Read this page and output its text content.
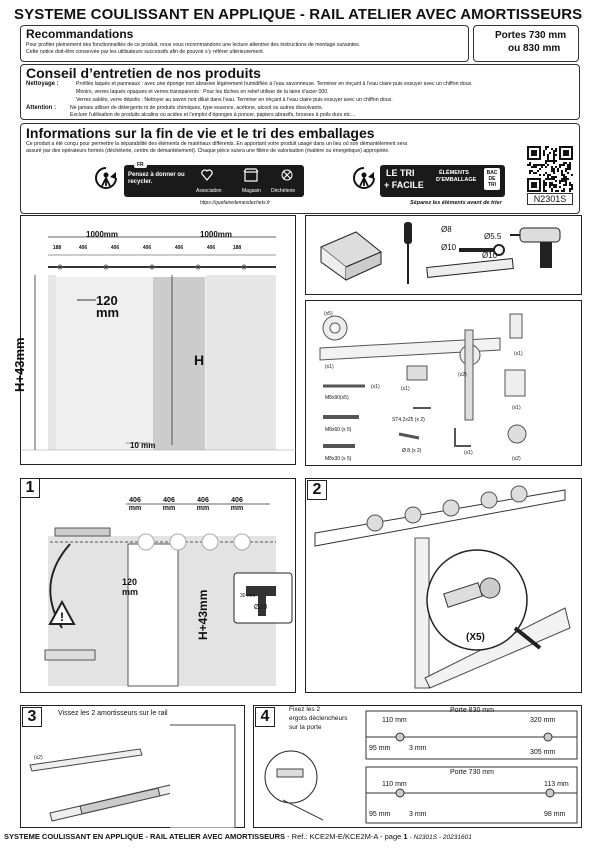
SYSTEME COULISSANT EN APPLIQUE - RAIL ATELIER AVEC AMORTISSEURS
Recommandations
Pour profiter pleinement des fonctionnalités de ce produit, nous vous recommandons une lecture attentive des instructions de montage suivantes.
Cette notice doit-être conservée par les utilisateurs successifs afin de pouvoir s’y référer ultérieurement.
Portes 730 mm
ou 830 mm
Conseil d’entretien de nos produits
Nettoyage :	Profilés laqués et panneaux : avec une éponge non abrasive légèrement humidifiée à l’eau savonneuse. Terminer en rinçant à l’eau claire puis essuyer avec un chiffon doux.
Miroirs, verres laqués opaques et verres transparents : Pour les tâches en relief utiliser de la laine d’acier 000.
Verres sablés, verre dépolis : Nettoyer au savon noir dilué dans l’eau. Terminer en rinçant à l’eau claire puis essuyer avec un chiffon doux.
Attention :	Ne jamais utiliser de détergents ni de produits chimiques, type essence, acétone, alcool ou autres dissolvants.
Exclure l’utilisation de produits alcalins ou acides et l’emploi d’éponges à poncer, papiers abrasifs, brosses à poils durs etc…
Informations sur la fin de vie et le tri des emballages
Ce produit a été conçu pour permettre la séparabilité des éléments de matériaux différents. En apportant votre produit usagé dans un lieu où son démantèlement sera
assuré par des opérateurs formés (déchèterie, centre de démantèlement). Chaque pièce suivra une filière de valorisation (matière ou énergétique) appropriée.
FR
Pensez à donner ou recycler.
Association	Magasin Déchèterie
https://quefairedemesdechets.fr
LE TRI
+ FACILE
ÉLÉMENTS D’EMBALLAGE
BAC DE TRI
Séparez les éléments avant de trier	N2301S
1000mm	1000mm
188	406	406	406	406	406	188
120
mm
H+43mm	H
10 mm
Ø8
Ø5.5
Ø10
Ø10
(x5)
(x1)
(x2)
(x1)
(x1)
M8x90(x5)
(x1)
ST4.2x25 (x 2)
(x1)
M8x60 (x 5)
Ø 8 (x 2)
M8x30 (x 5)
(x1)
(x2)
1
!
406
mm
406
mm
406
mm
406
mm
120
mm	H+43mm	30 mm
Ø10
2
(X5)
3	Vissez les 2 amortisseurs sur le rail
(x2)
4	Fixez les 2
ergots déclencheurs
sur la porte
Porte 830 mm
110 mm	320 mm
95 mm	3 mm
305 mm
Porte 730 mm
110 mm	113 mm
95 mm	3 mm	98 mm
SYSTEME COULISSANT EN APPLIQUE - RAIL ATELIER AVEC AMORTISSEURS - Ref.: KCE2M-E/KCE2M-A - page 1 - N2301S - 20231601
